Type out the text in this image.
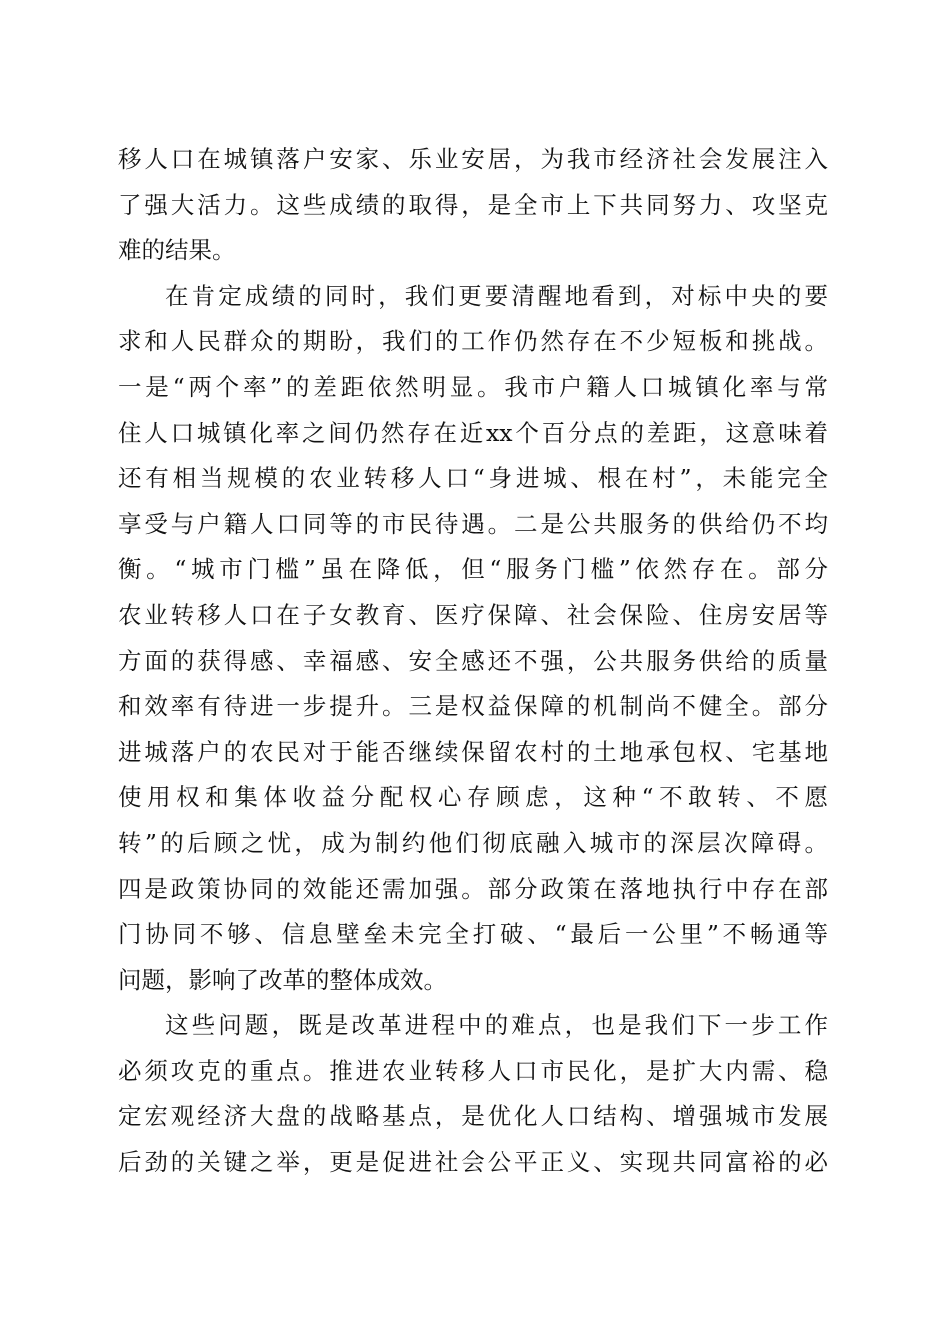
移人口在城镇落户安家、乐业安居，为我市经济社会发展注入
了强大活力。这些成绩的取得，是全市上下共同努力、攻坚克
难的结果。
在肯定成绩的同时，我们更要清醒地看到，对标中央的要
求和人民群众的期盼，我们的工作仍然存在不少短板和挑战。
一是“两个率”的差距依然明显。我市户籍人口城镇化率与常
住人口城镇化率之间仍然存在近xx个百分点的差距，这意味着
还有相当规模的农业转移人口“身进城、根在村”，未能完全
享受与户籍人口同等的市民待遇。二是公共服务的供给仍不均
衡。“城市门槛”虽在降低，但“服务门槛”依然存在。部分
农业转移人口在子女教育、医疗保障、社会保险、住房安居等
方面的获得感、幸福感、安全感还不强，公共服务供给的质量
和效率有待进一步提升。三是权益保障的机制尚不健全。部分
进城落户的农民对于能否继续保留农村的土地承包权、宅基地
使用权和集体收益分配权心存顾虑，这种“不敢转、不愿
转”的后顾之忧，成为制约他们彻底融入城市的深层次障碍。
四是政策协同的效能还需加强。部分政策在落地执行中存在部
门协同不够、信息壁垒未完全打破、“最后一公里”不畅通等
问题，影响了改革的整体成效。
这些问题，既是改革进程中的难点，也是我们下一步工作
必须攻克的重点。推进农业转移人口市民化，是扩大内需、稳
定宏观经济大盘的战略基点，是优化人口结构、增强城市发展
后劲的关键之举，更是促进社会公平正义、实现共同富裕的必
